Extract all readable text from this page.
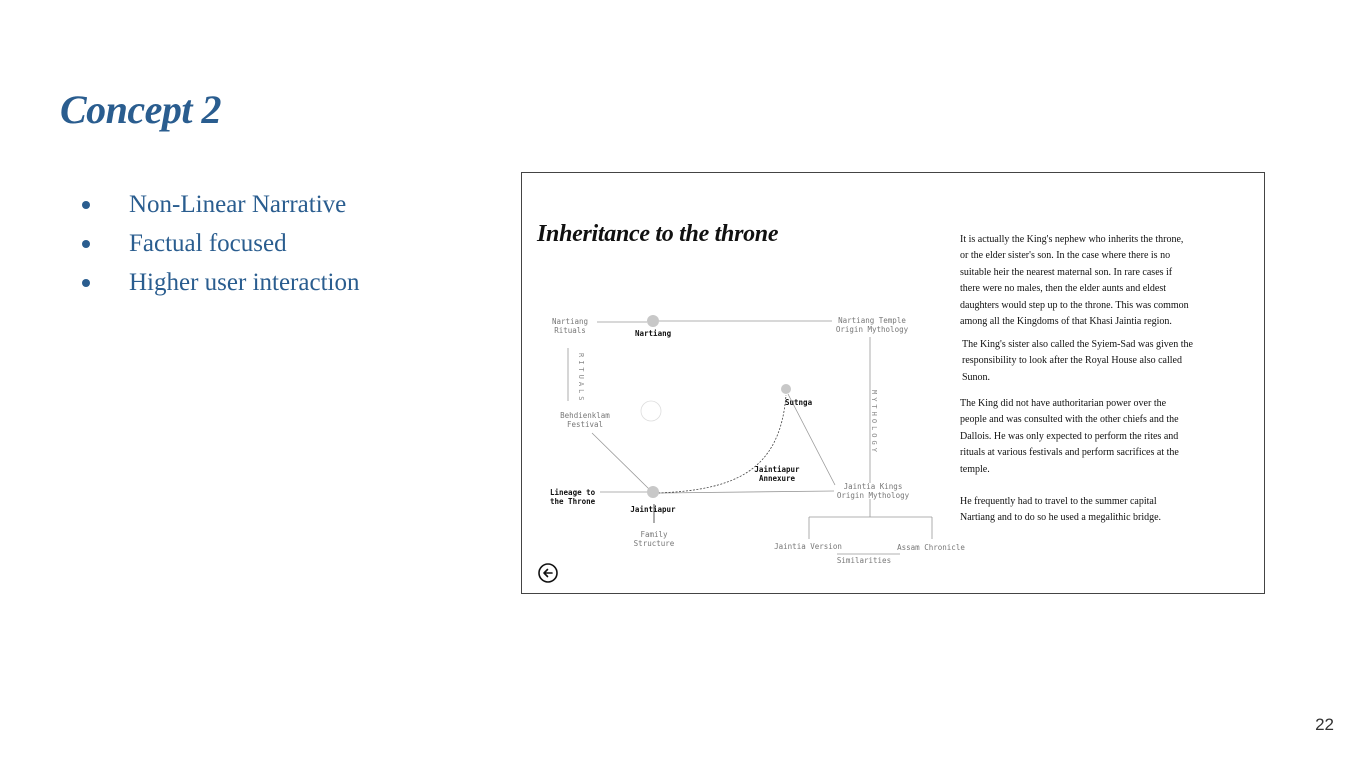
Concept 2
Non-Linear Narrative
Factual focused
Higher user interaction
Inheritance to the throne
Nartiang
Rituals	Nartiang
Nartiang Temple
Origin Mythology
RITUALS
MYTHOLOGY
Sutnga
Behdienklam
Festival
Jaintiapur
Annexure
Jaintia Kings
Origin Mythology
Lineage to
the Throne
Jaintiapur
Family
Structure	Jaintia Version	Assam Chronicle
Similarities

It is actually the King's nephew who inherits the throne,
or the elder sister's son. In the case where there is no
suitable heir the nearest maternal son. In rare cases if
there were no males, then the elder aunts and eldest
daughters would step up to the throne. This was common
among all the Kingdoms of that Khasi Jaintia region.

The King's sister also called the Syiem-Sad was given the
responsibility to look after the Royal House also called
Sunon.

The King did not have authoritarian power over the
people and was consulted with the other chiefs and the
Dallois. He was only expected to perform the rites and
rituals at various festivals and perform sacrifices at the
temple.

He frequently had to travel to the summer capital
Nartiang and to do so he used a megalithic bridge.

22
